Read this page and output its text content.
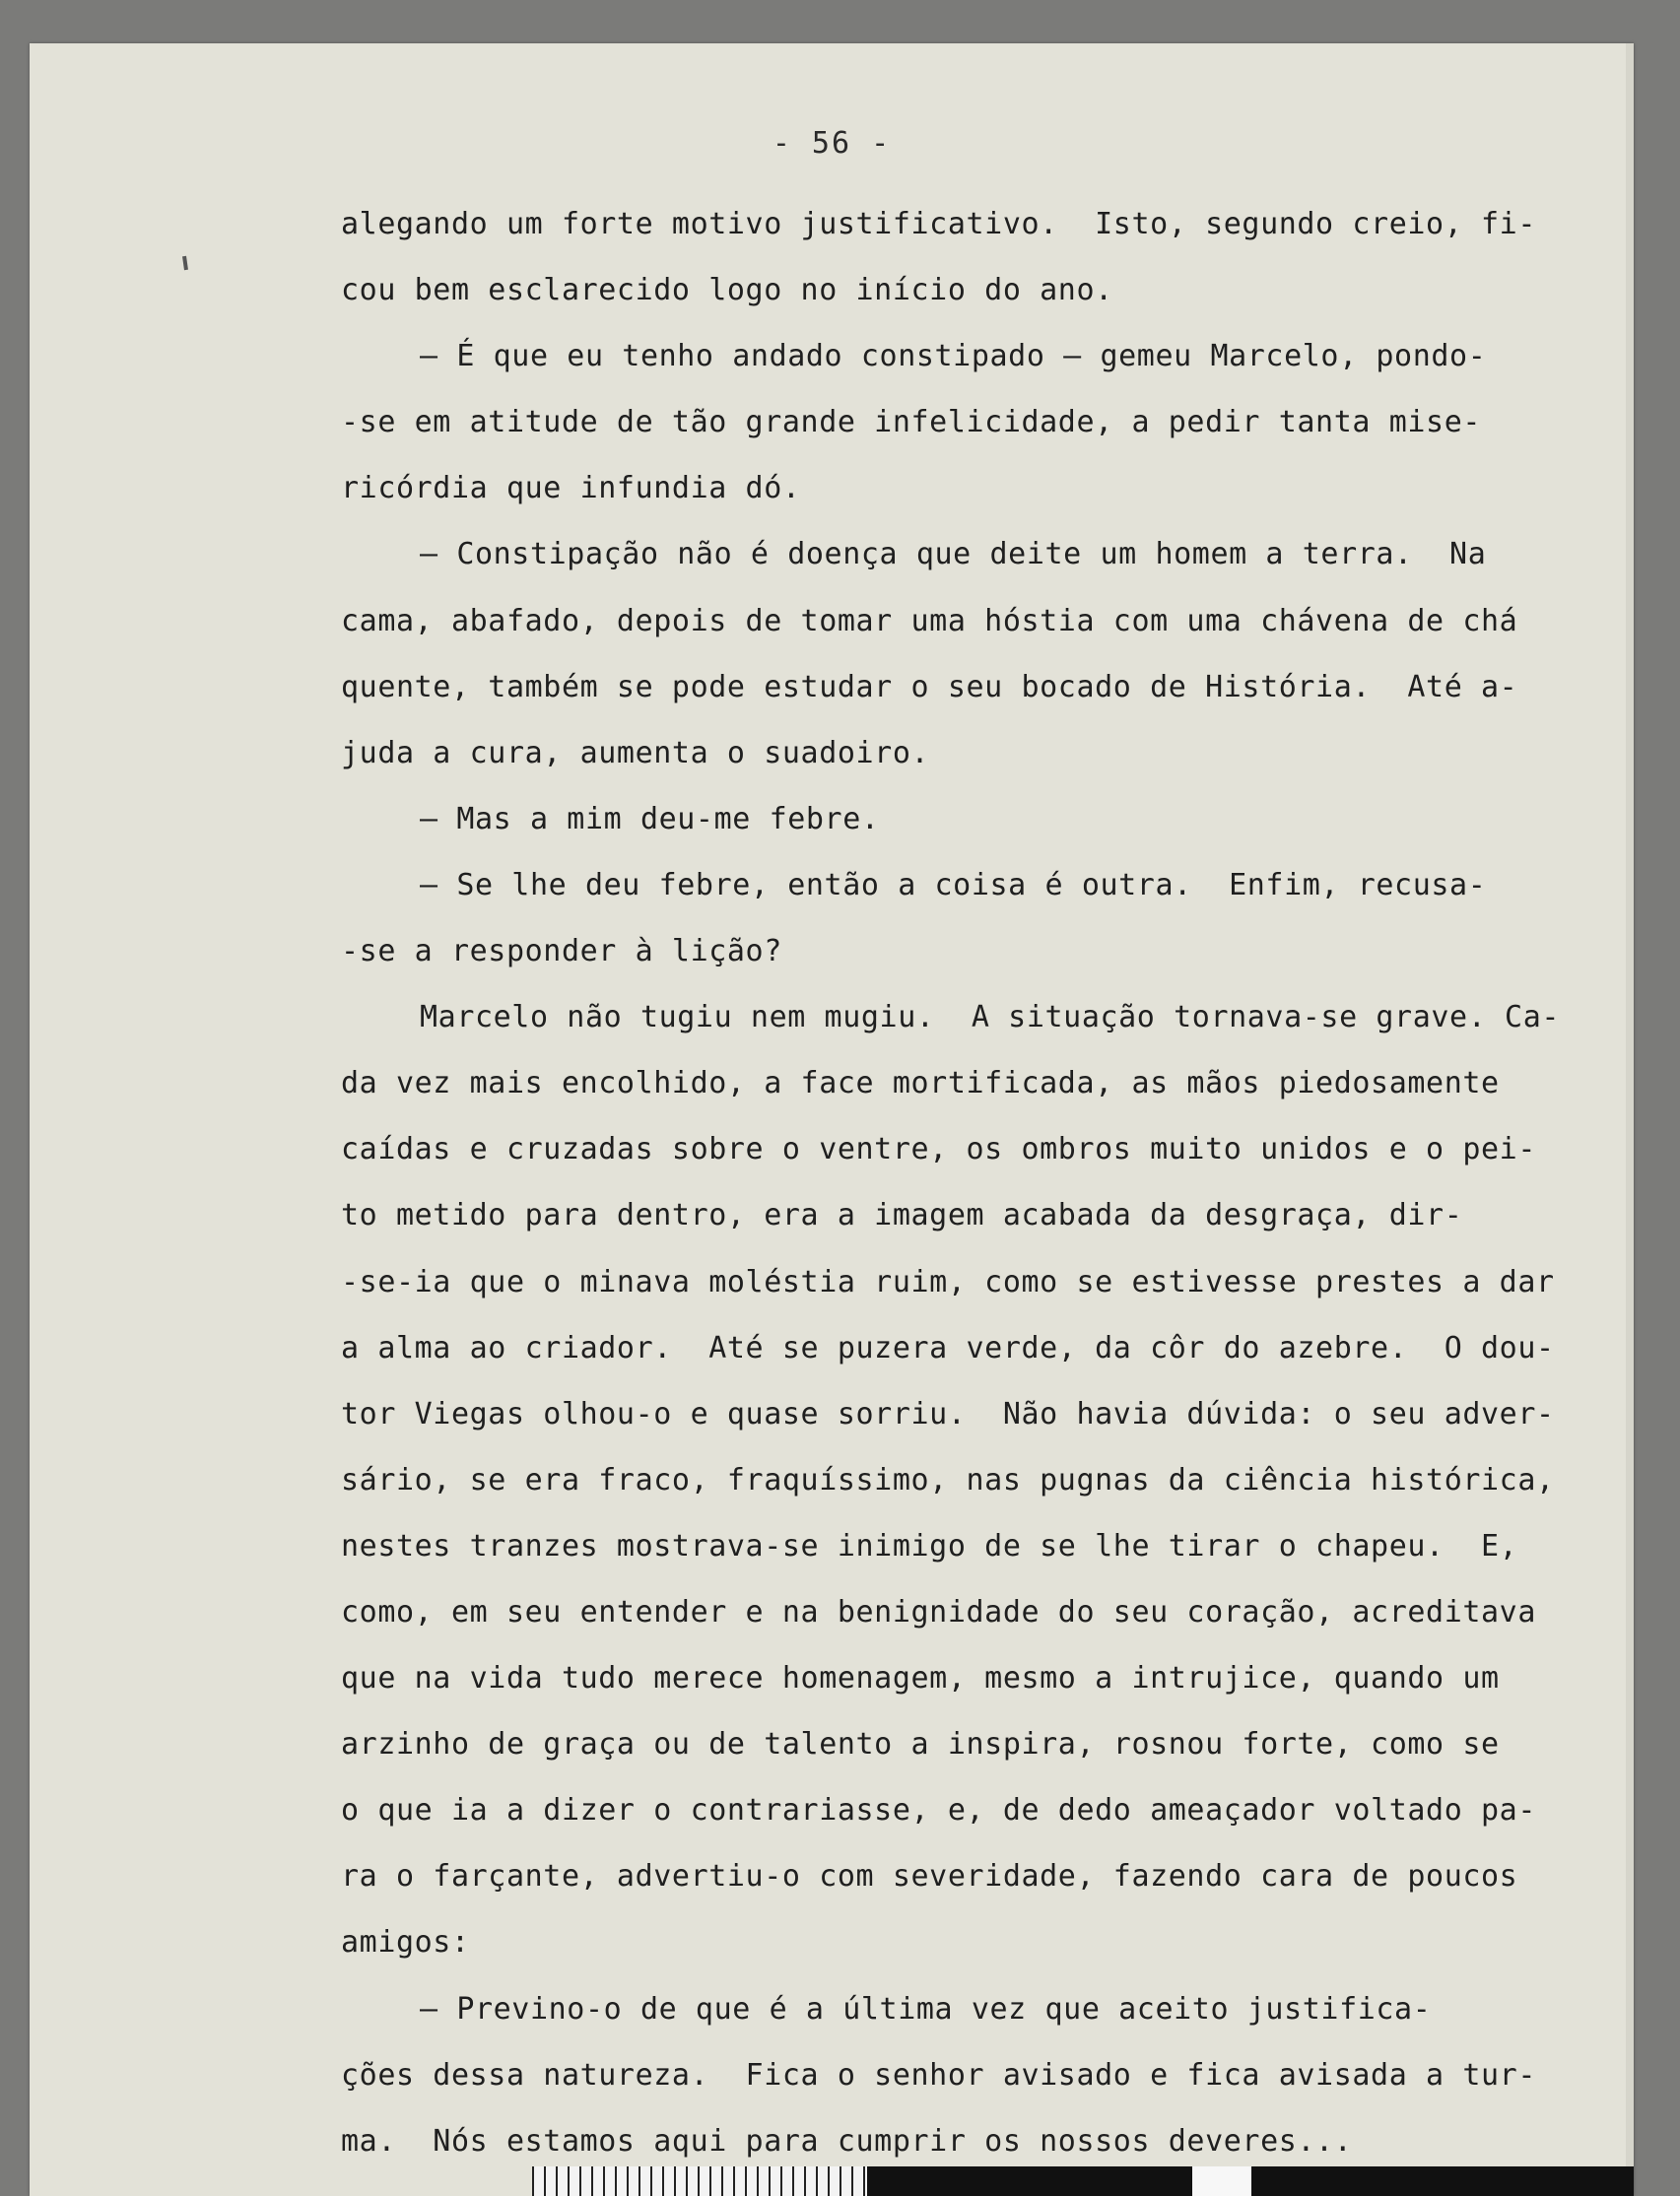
- 56 -
alegando um forte motivo justificativo.  Isto, segundo creio, fi-
cou bem esclarecido logo no início do ano.
— É que eu tenho andado constipado — gemeu Marcelo, pondo-
-se em atitude de tão grande infelicidade, a pedir tanta mise-
ricórdia que infundia dó.
— Constipação não é doença que deite um homem a terra.  Na
cama, abafado, depois de tomar uma hóstia com uma chávena de chá
quente, também se pode estudar o seu bocado de História.  Até a-
juda a cura, aumenta o suadoiro.
— Mas a mim deu-me febre.
— Se lhe deu febre, então a coisa é outra.  Enfim, recusa-
-se a responder à lição?
Marcelo não tugiu nem mugiu.  A situação tornava-se grave. Ca-
da vez mais encolhido, a face mortificada, as mãos piedosamente
caídas e cruzadas sobre o ventre, os ombros muito unidos e o pei-
to metido para dentro, era a imagem acabada da desgraça, dir-
-se-ia que o minava moléstia ruim, como se estivesse prestes a dar
a alma ao criador.  Até se puzera verde, da côr do azebre.  O dou-
tor Viegas olhou-o e quase sorriu.  Não havia dúvida: o seu adver-
sário, se era fraco, fraquíssimo, nas pugnas da ciência histórica,
nestes tranzes mostrava-se inimigo de se lhe tirar o chapeu.  E,
como, em seu entender e na benignidade do seu coração, acreditava
que na vida tudo merece homenagem, mesmo a intrujice, quando um
arzinho de graça ou de talento a inspira, rosnou forte, como se
o que ia a dizer o contrariasse, e, de dedo ameaçador voltado pa-
ra o farçante, advertiu-o com severidade, fazendo cara de poucos
amigos:
— Previno-o de que é a última vez que aceito justifica-
ções dessa natureza.  Fica o senhor avisado e fica avisada a tur-
ma.  Nós estamos aqui para cumprir os nossos deveres...
